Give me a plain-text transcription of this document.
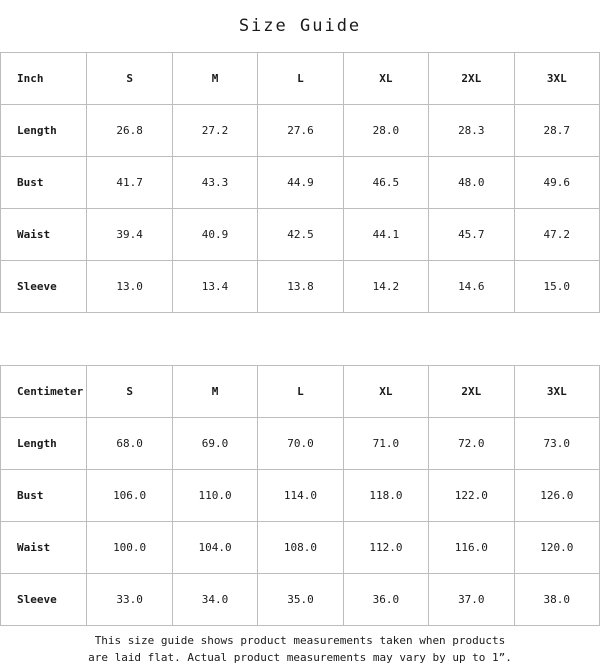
Size Guide
Inch	S	M	L	XL	2XL	3XL
Length	26.8	27.2	27.6	28.0	28.3	28.7
Bust	41.7	43.3	44.9	46.5	48.0	49.6
Waist	39.4	40.9	42.5	44.1	45.7	47.2
Sleeve	13.0	13.4	13.8	14.2	14.6	15.0
Centimeter	S	M	L	XL	2XL	3XL
Length	68.0	69.0	70.0	71.0	72.0	73.0
Bust	106.0	110.0	114.0	118.0	122.0	126.0
Waist	100.0	104.0	108.0	112.0	116.0	120.0
Sleeve	33.0	34.0	35.0	36.0	37.0	38.0
This size guide shows product measurements taken when products
are laid flat. Actual product measurements may vary by up to 1”.
